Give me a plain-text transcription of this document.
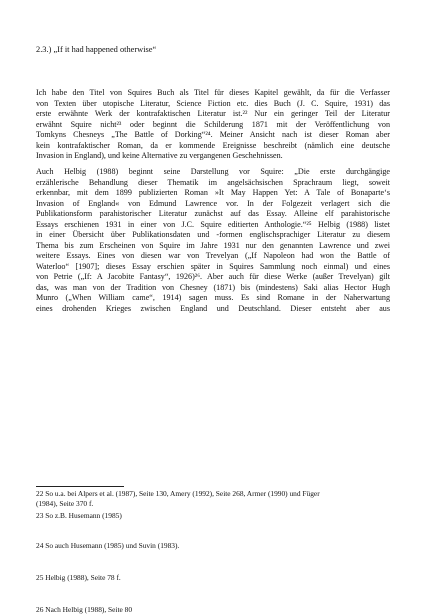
2.3.) „If it had happened otherwise“
Ich habe den Titel von Squires Buch als Titel für dieses Kapitel gewählt, da für die Verfasser
von Texten über utopische Literatur, Science Fiction etc. dies Buch (J. C. Squire, 1931) das
erste erwähnte Werk der kontrafaktischen Literatur ist.²² Nur ein geringer Teil der Literatur
erwähnt Squire nicht²³ oder beginnt die Schilderung 1871 mit der Veröffentlichung von
Tomkyns Chesneys „The Battle of Dorking“²⁴. Meiner Ansicht nach ist dieser Roman aber
kein kontrafaktischer Roman, da er kommende Ereignisse beschreibt (nämlich eine deutsche
Invasion in England), und keine Alternative zu vergangenen Geschehnissen.
Auch Helbig (1988) beginnt seine Darstellung vor Squire: „Die erste durchgängige
erzählerische Behandlung dieser Thematik im angelsächsischen Sprachraum liegt, soweit
erkennbar, mit dem 1899 publizierten Roman »It May Happen Yet: A Tale of Bonaparte‘s
Invasion of England« von Edmund Lawrence vor. In der Folgezeit verlagert sich die
Publikationsform parahistorischer Literatur zunächst auf das Essay. Alleine elf parahistorische
Essays erschienen 1931 in einer von J.C. Squire editierten Anthologie.“²⁵ Helbig (1988) listet
in einer Übersicht über Publikationsdaten und -formen englischsprachiger Literatur zu diesem
Thema bis zum Erscheinen von Squire im Jahre 1931 nur den genannten Lawrence und zwei
weitere Essays. Eines von diesen war von Trevelyan („If Napoleon had won the Battle of
Waterloo“ [1907]; dieses Essay erschien später in Squires Sammlung noch einmal) und eines
von Petrie („If: A Jacobite Fantasy“, 1926)²⁶. Aber auch für diese Werke (außer Trevelyan) gilt
das, was man von der Tradition von Chesney (1871) bis (mindestens) Saki alias Hector Hugh
Munro („When William came“, 1914) sagen muss. Es sind Romane in der Naherwartung
eines drohenden Krieges zwischen England und Deutschland. Dieser entsteht aber aus
22 So u.a. bei Alpers et al. (1987), Seite 130, Amery (1992), Seite 268, Armer (1990) und Füger
(1984), Seite 370 f.
23 So z.B. Husemann (1985)
24 So auch Husemann (1985) und Suvin (1983).
25 Helbig (1988), Seite 78 f.
26 Nach Helbig (1988), Seite 80
